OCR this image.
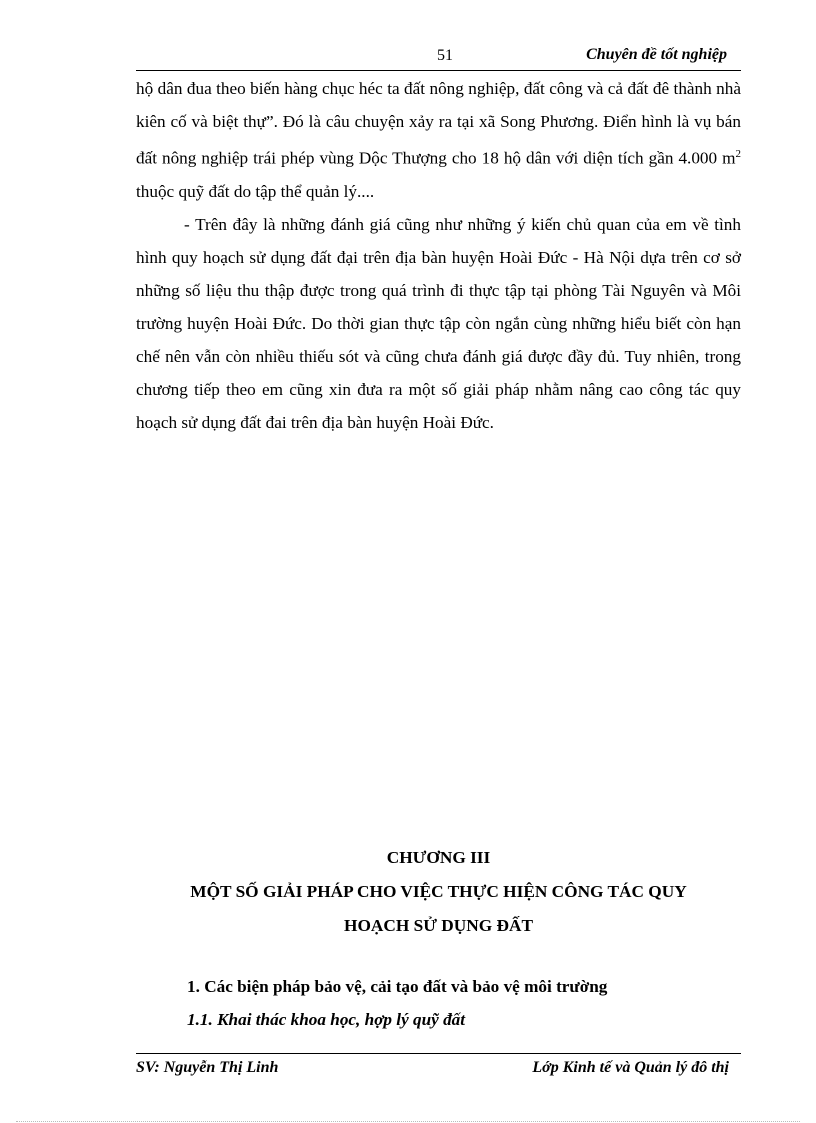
51	Chuyên đề tốt nghiệp

hộ dân đua theo biến hàng chục héc ta đất nông nghiệp, đất công và cả đất đê thành nhà kiên cố và biệt thự”. Đó là câu chuyện xảy ra tại xã Song Phương. Điển hình là vụ bán đất nông nghiệp trái phép vùng Dộc Thượng cho 18 hộ dân với diện tích gần 4.000 $m^2$ thuộc quỹ đất do tập thể quản lý....

- Trên đây là những đánh giá cũng như những ý kiến chủ quan của em về tình hình quy hoạch sử dụng đất đại trên địa bàn huyện Hoài Đức - Hà Nội dựa trên cơ sở những số liệu thu thập được trong quá trình đi thực tập tại phòng Tài Nguyên và Môi trường huyện Hoài Đức. Do thời gian thực tập còn ngắn cùng những hiểu biết còn hạn chế nên vẫn còn nhiều thiếu sót và cũng chưa đánh giá được đầy đủ. Tuy nhiên, trong chương tiếp theo em cũng xin đưa ra một số giải pháp nhằm nâng cao công tác quy hoạch sử dụng đất đai trên địa bàn huyện Hoài Đức.

CHƯƠNG III
MỘT SỐ GIẢI PHÁP CHO VIỆC THỰC HIỆN CÔNG TÁC QUY
HOẠCH SỬ DỤNG ĐẤT
1. Các biện pháp bảo vệ, cải tạo đất và bảo vệ môi trường
1.1. Khai thác khoa học, hợp lý quỹ đất
SV: Nguyễn Thị Linh	Lớp Kinh tế và Quản lý đô thị
